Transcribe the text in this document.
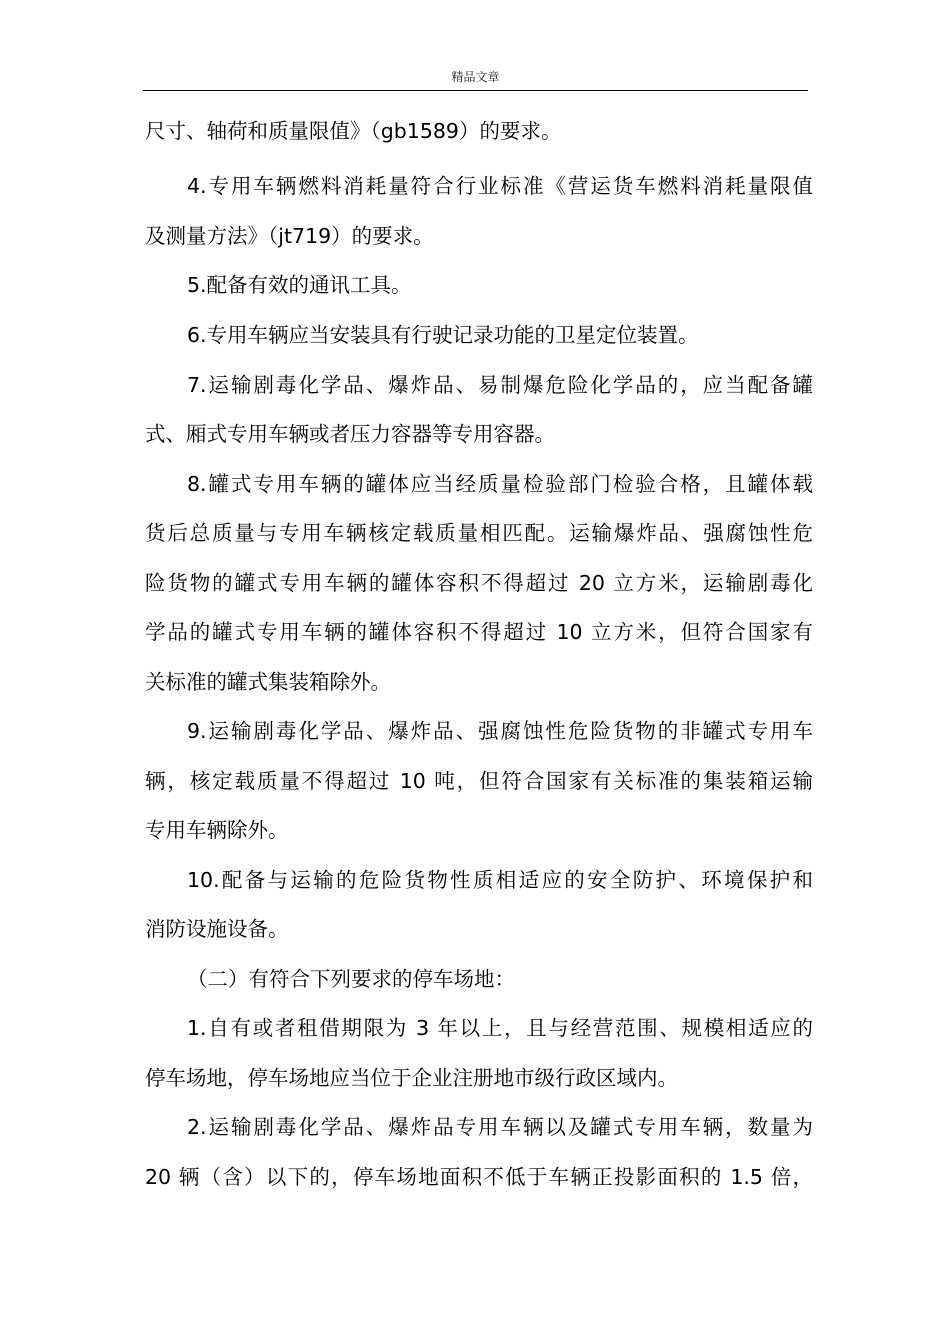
精品文章
尺寸、轴荷和质量限值》（gb1589）的要求。
4.专用车辆燃料消耗量符合行业标准《营运货车燃料消耗量限值
及测量方法》（jt719）的要求。
5.配备有效的通讯工具。
6.专用车辆应当安装具有行驶记录功能的卫星定位装置。
7.运输剧毒化学品、爆炸品、易制爆危险化学品的，应当配备罐
式、厢式专用车辆或者压力容器等专用容器。
8.罐式专用车辆的罐体应当经质量检验部门检验合格，且罐体载
货后总质量与专用车辆核定载质量相匹配。运输爆炸品、强腐蚀性危
险货物的罐式专用车辆的罐体容积不得超过 20 立方米，运输剧毒化
学品的罐式专用车辆的罐体容积不得超过 10 立方米，但符合国家有
关标准的罐式集装箱除外。
9.运输剧毒化学品、爆炸品、强腐蚀性危险货物的非罐式专用车
辆，核定载质量不得超过 10 吨，但符合国家有关标准的集装箱运输
专用车辆除外。
10.配备与运输的危险货物性质相适应的安全防护、环境保护和
消防设施设备。
（二）有符合下列要求的停车场地：
1.自有或者租借期限为 3 年以上，且与经营范围、规模相适应的
停车场地，停车场地应当位于企业注册地市级行政区域内。
2.运输剧毒化学品、爆炸品专用车辆以及罐式专用车辆，数量为
20 辆（含）以下的，停车场地面积不低于车辆正投影面积的 1.5 倍，
